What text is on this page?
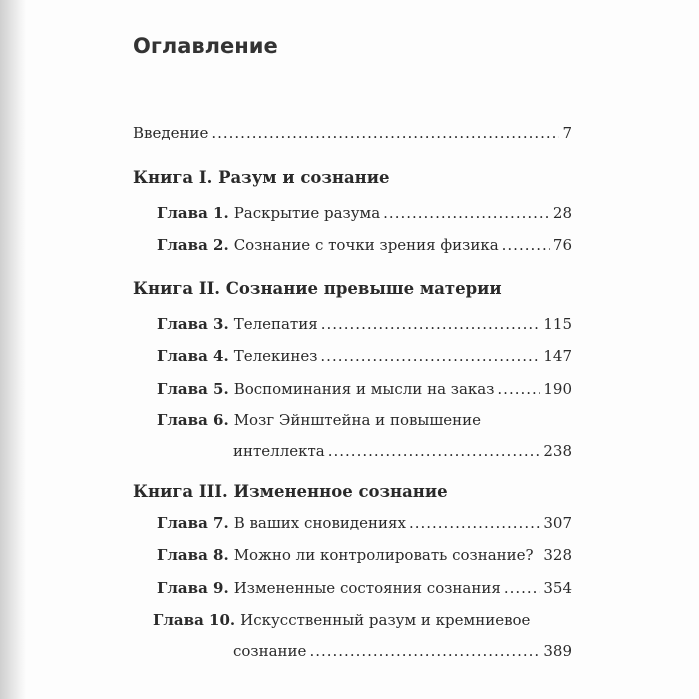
Оглавление
Введение .....	7
Книга I. Разум и сознание
Глава 1. Раскрытие разума .....	28
Глава 2. Сознание с точки зрения физика .....	76
Книга II. Сознание превыше материи
Глава 3. Телепатия .....	115
Глава 4. Телекинез .....	147
Глава 5. Воспоминания и мысли на заказ .....	190
Глава 6. Мозг Эйнштейна и повышение
интеллекта .....	238
Книга III. Измененное сознание
Глава 7. В ваших сновидениях .....	307
Глава 8. Можно ли контролировать сознание? 328
Глава 9. Измененные состояния сознания .....	354
Глава 10. Искусственный разум и кремниевое
сознание .....	389
